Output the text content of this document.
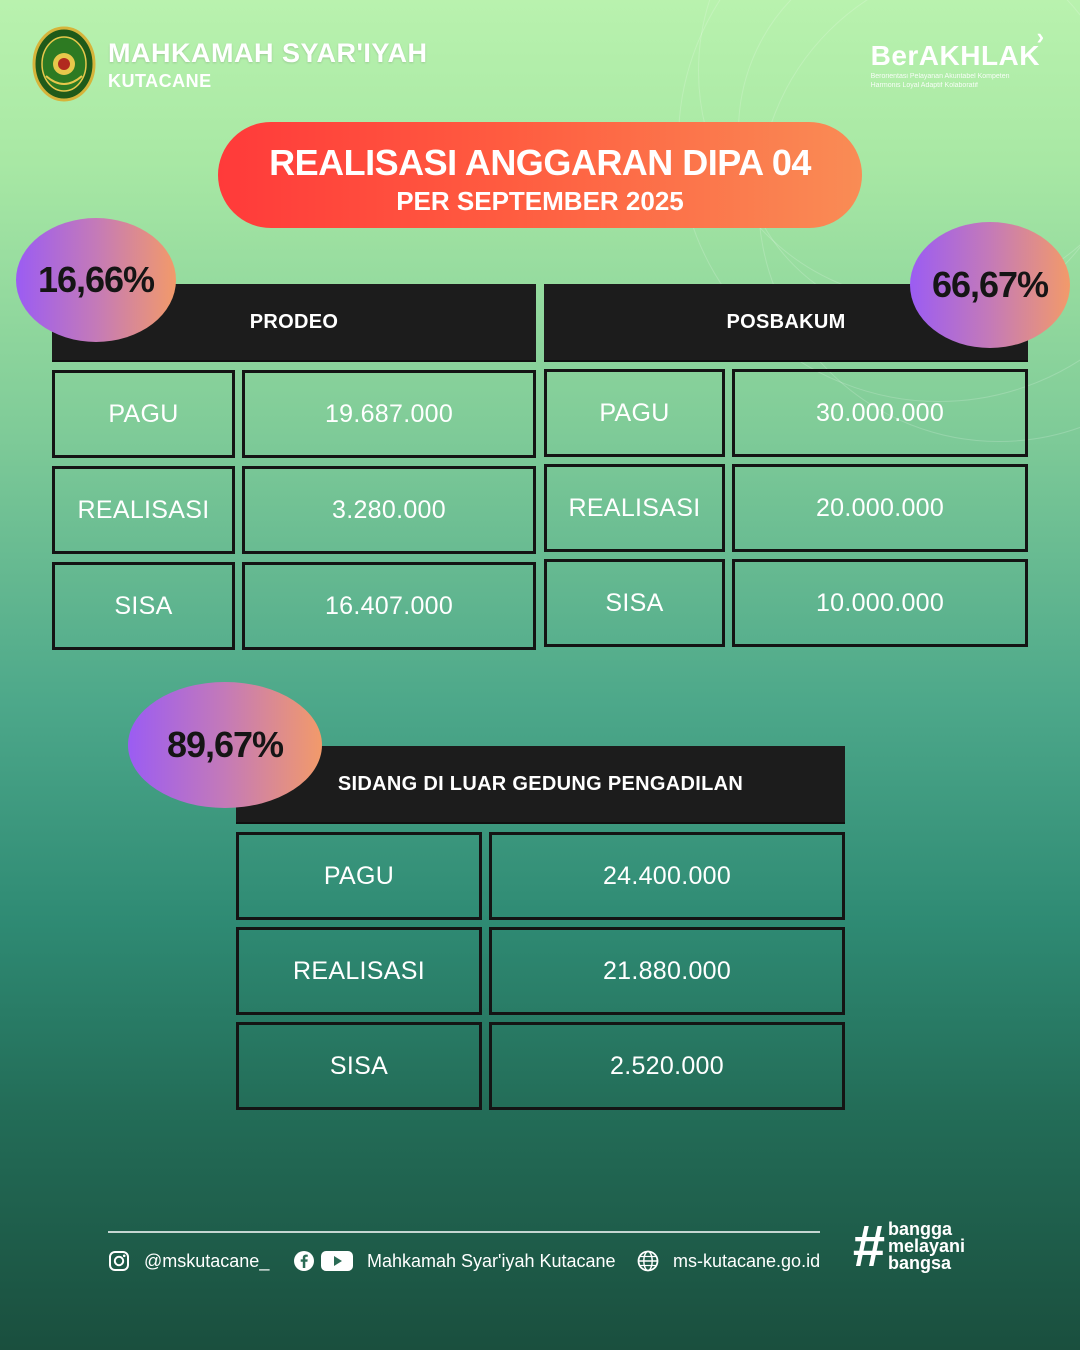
MAHKAMAH SYAR'IYAH
KUTACANE
›
BerAKHLAK
Berorientasi Pelayanan Akuntabel Kompeten
Harmonis Loyal Adaptif Kolaboratif
REALISASI ANGGARAN DIPA 04
PER SEPTEMBER 2025
PRODEO
PAGU	19.687.000
REALISASI	3.280.000
SISA	16.407.000
16,66%
POSBAKUM
PAGU	30.000.000
REALISASI	20.000.000
SISA	10.000.000
66,67%
SIDANG DI LUAR GEDUNG PENGADILAN
PAGU	24.400.000
REALISASI	21.880.000
SISA	2.520.000
89,67%
@mskutacane_	Mahkamah Syar'iyah Kutacane	ms-kutacane.go.id # bangga
melayani
bangsa
